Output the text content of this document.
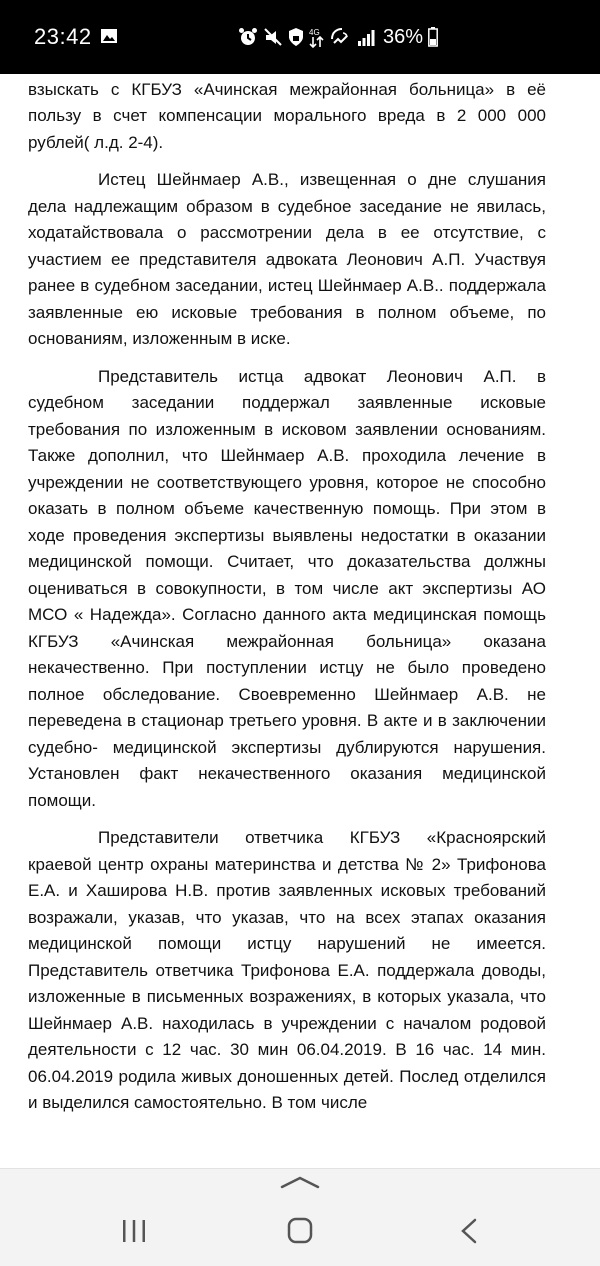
23:42	4G	36%

взыскать с КГБУЗ «Ачинская межрайонная больница» в её пользу в счет компенсации морального вреда в 2 000 000 рублей( л.д. 2-4).

Истец Шейнмаер А.В., извещенная о дне слушания дела надлежащим образом в судебное заседание не явилась, ходатайствовала о рассмотрении дела в ее отсутствие, с участием ее представителя адвоката Леонович А.П. Участвуя ранее в судебном заседании, истец Шейнмаер А.В.. поддержала заявленные ею исковые требования в полном объеме, по основаниям, изложенным в иске.

Представитель истца адвокат Леонович А.П. в судебном заседании поддержал заявленные исковые требования по изложенным в исковом заявлении основаниям. Также дополнил, что Шейнмаер А.В. проходила лечение в учреждении не соответствующего уровня, которое не способно оказать в полном объеме качественную помощь. При этом в ходе проведения экспертизы выявлены недостатки в оказании медицинской помощи. Считает, что доказательства должны оцениваться в совокупности, в том числе акт экспертизы АО МСО « Надежда». Согласно данного акта медицинская помощь КГБУЗ «Ачинская межрайонная больница» оказана некачественно. При поступлении истцу не было проведено полное обследование. Своевременно Шейнмаер А.В. не переведена в стационар третьего уровня. В акте и в заключении судебно- медицинской экспертизы дублируются нарушения. Установлен факт некачественного оказания медицинской помощи.

Представители ответчика КГБУЗ «Красноярский краевой центр охраны материнства и детства № 2» Трифонова Е.А. и Хаширова Н.В. против заявленных исковых требований возражали, указав, что указав, что на всех этапах оказания медицинской помощи истцу нарушений не имеется. Представитель ответчика Трифонова Е.А. поддержала доводы, изложенные в письменных возражениях, в которых указала, что Шейнмаер А.В. находилась в учреждении с началом родовой деятельности с 12 час. 30 мин 06.04.2019. В 16 час. 14 мин. 06.04.2019 родила живых доношенных детей. Послед отделился и выделился самостоятельно. В том числе
